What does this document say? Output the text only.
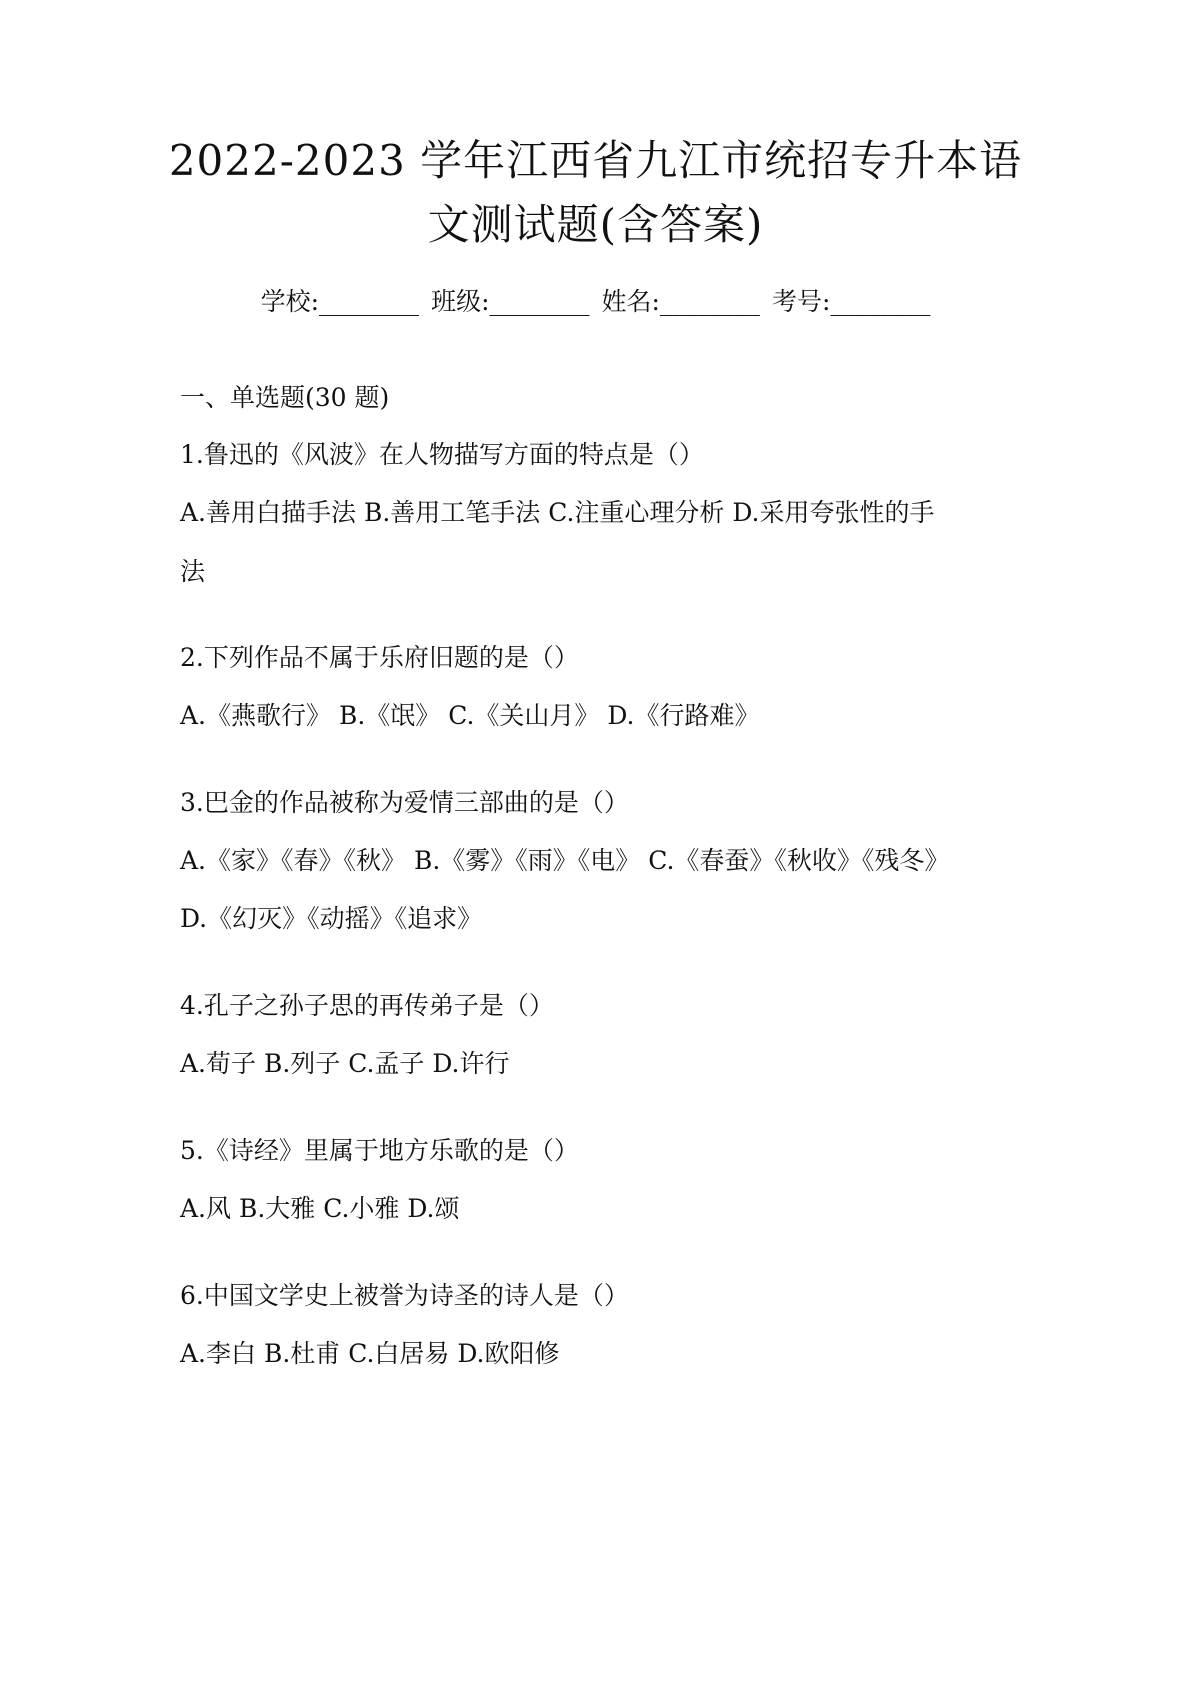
2022-2023 学年江西省九江市统招专升本语
文测试题(含答案)
学校:________ 班级:________ 姓名:________ 考号:________

一、单选题(30 题)

1.鲁迅的《风波》在人物描写方面的特点是（）

A.善用白描手法 B.善用工笔手法 C.注重心理分析 D.采用夸张性的手

法

2.下列作品不属于乐府旧题的是（）

A.《燕歌行》 B.《氓》 C.《关山月》 D.《行路难》

3.巴金的作品被称为爱情三部曲的是（）

A.《家》《春》《秋》 B.《雾》《雨》《电》 C.《春蚕》《秋收》《残冬》

D.《幻灭》《动摇》《追求》

4.孔子之孙子思的再传弟子是（）

A.荀子 B.列子 C.孟子 D.许行

5.《诗经》里属于地方乐歌的是（）

A.风 B.大雅 C.小雅 D.颂

6.中国文学史上被誉为诗圣的诗人是（）

A.李白 B.杜甫 C.白居易 D.欧阳修
